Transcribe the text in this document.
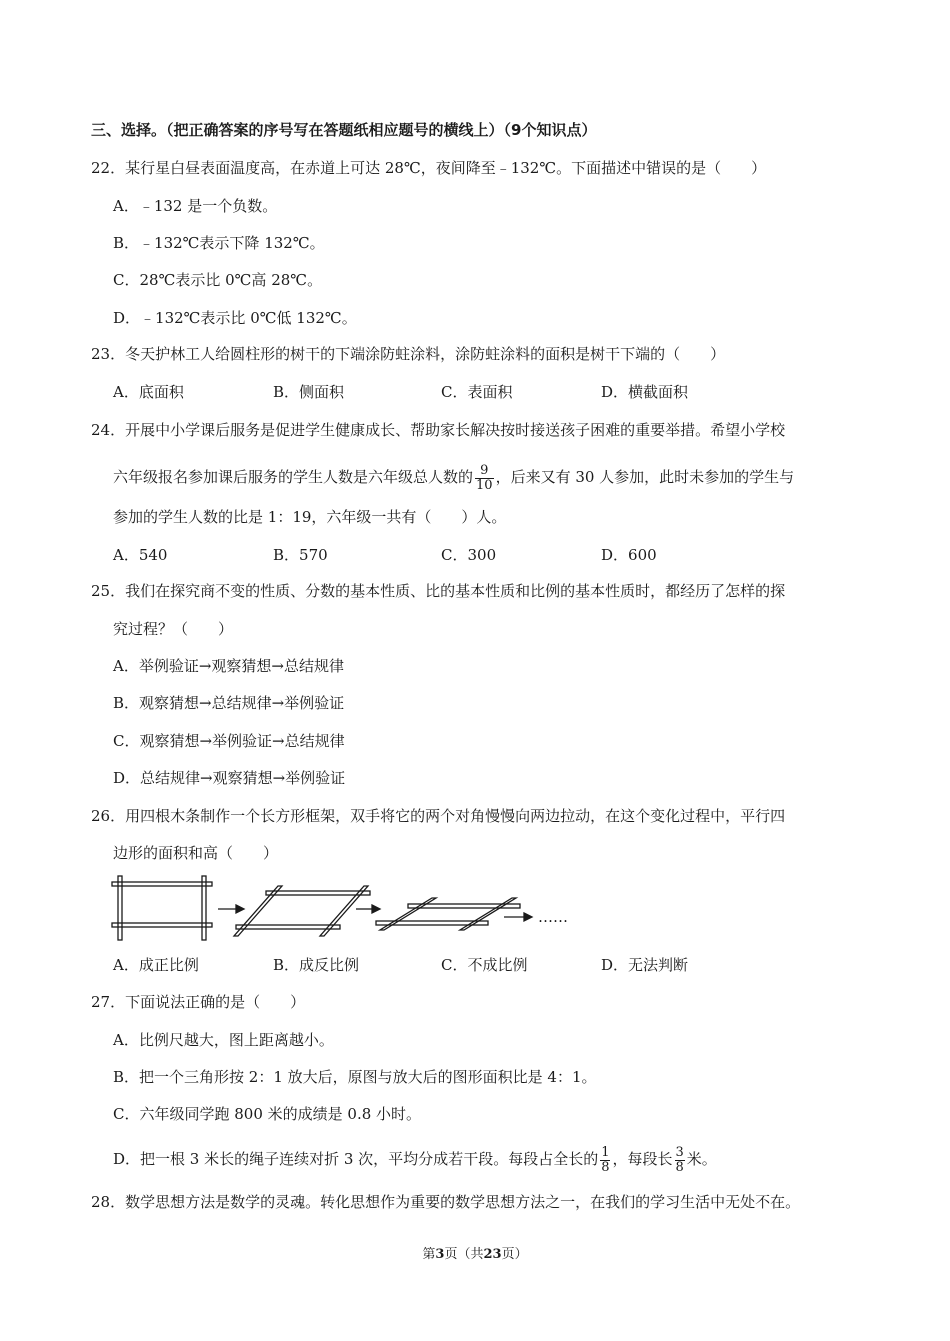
三、选择。（把正确答案的序号写在答题纸相应题号的横线上）（9个知识点）
22．某行星白昼表面温度高，在赤道上可达 28℃，夜间降至﹣132℃。下面描述中错误的是（　　）
A．﹣132 是一个负数。
B．﹣132℃表示下降 132℃。
C．28℃表示比 0℃高 28℃。
D．﹣132℃表示比 0℃低 132℃。
23．冬天护林工人给圆柱形的树干的下端涂防蛀涂料，涂防蛀涂料的面积是树干下端的（　　）
A．底面积	B．侧面积	C．表面积	D．横截面积
24．开展中小学课后服务是促进学生健康成长、帮助家长解决按时接送孩子困难的重要举措。希望小学校
六年级报名参加课后服务的学生人数是六年级总人数的 $\frac{9}{10}$ ，后来又有 30 人参加，此时未参加的学生与
参加的学生人数的比是 1：19，六年级一共有（　　）人。
A．540	B．570	C．300	D．600
25．我们在探究商不变的性质、分数的基本性质、比的基本性质和比例的基本性质时，都经历了怎样的探
究过程？（　　）
A．举例验证→观察猜想→总结规律
B．观察猜想→总结规律→举例验证
C．观察猜想→举例验证→总结规律
D．总结规律→观察猜想→举例验证
26．用四根木条制作一个长方形框架，双手将它的两个对角慢慢向两边拉动，在这个变化过程中，平行四
边形的面积和高（　　）
……
A．成正比例	B．成反比例	C．不成比例	D．无法判断
27．下面说法正确的是（　　）
A．比例尺越大，图上距离越小。
B．把一个三角形按 2：1 放大后，原图与放大后的图形面积比是 4：1。
C．六年级同学跑 800 米的成绩是 0.8 小时。
D．把一根 3 米长的绳子连续对折 3 次，平均分成若干段。每段占全长的 $\frac{1}{8}$ ，每段长 $\frac{3}{8}$ 米。
28．数学思想方法是数学的灵魂。转化思想作为重要的数学思想方法之一，在我们的学习生活中无处不在。
第3页（共23页）
